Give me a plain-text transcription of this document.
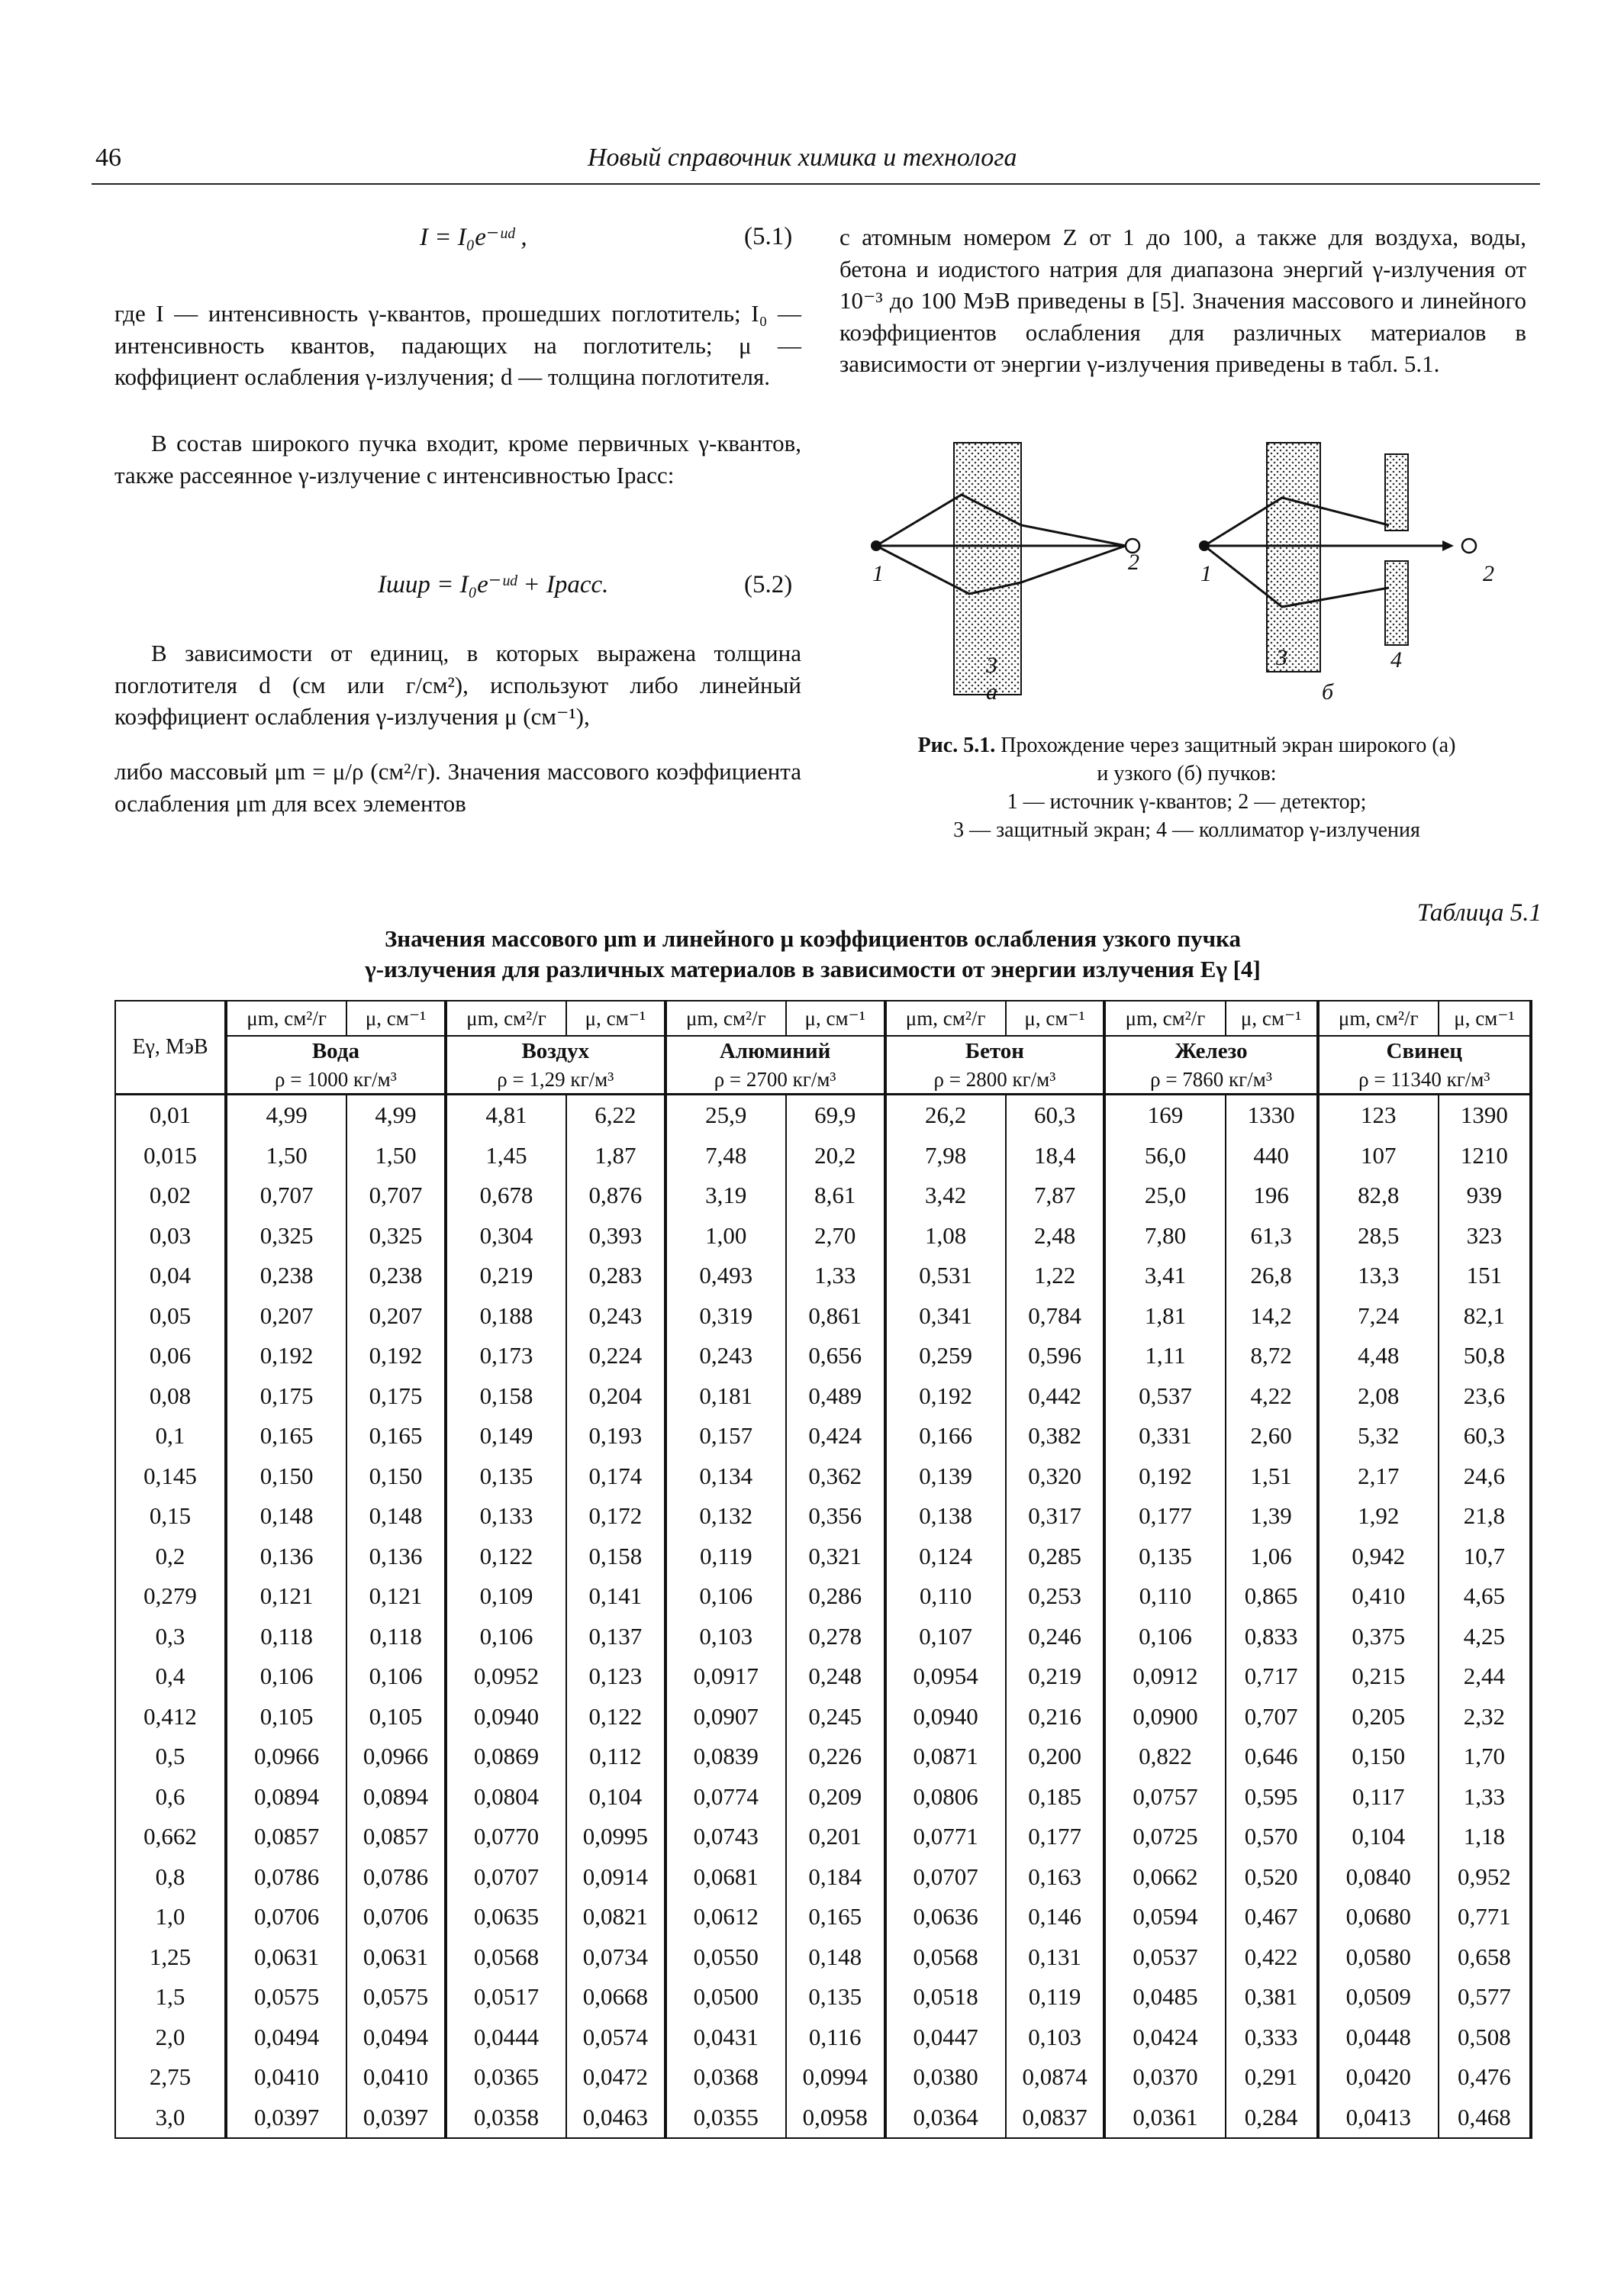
46	Новый справочник химика и технолога
I = I₀e⁻ᵘᵈ ,	(5.1)
где I — интенсивность γ-квантов, прошедших поглотитель; I₀ — интенсивность квантов, падающих на поглотитель; μ — коффициент ослабления γ-излучения; d — толщина поглотителя.
В состав широкого пучка входит, кроме первичных γ-квантов, также рассеянное γ-излучение с интенсивностью Iрасс:
Iшир = I₀e⁻ᵘᵈ + Iрасс.	(5.2)
В зависимости от единиц, в которых выражена толщина поглотителя d (см или г/см²), используют либо линейный коэффициент ослабления γ-излучения μ (см⁻¹),
либо массовый μm = μ/ρ (см²/г). Значения массового коэффициента ослабления μm для всех элементов
с атомным номером Z от 1 до 100, а также для воздуха, воды, бетона и иодистого натрия для диапазона энергий γ-излучения от 10⁻³ до 100 МэВ приведены в [5]. Значения массового и линейного коэффициентов ослабления для различных материалов в зависимости от энергии γ-излучения приведены в табл. 5.1.
1	2
3
а
1	2
3	4
б
Рис. 5.1. Прохождение через защитный экран широкого (а)
и узкого (б) пучков:
1 — источник γ-квантов; 2 — детектор;
3 — защитный экран; 4 — коллиматор γ-излучения
Таблица 5.1
Значения массового μm и линейного μ коэффициентов ослабления узкого пучка
γ-излучения для различных материалов в зависимости от энергии излучения Eγ [4]
Eγ, МэВ	μm, см²/г	μ, см⁻¹	μm, см²/г	μ, см⁻¹	μm, см²/г	μ, см⁻¹	μm, см²/г	μ, см⁻¹	μm, см²/г	μ, см⁻¹	μm, см²/г	μ, см⁻¹
	Вода		Воздух		Алюминий		Бетон		Железо		Свинец	
	ρ = 1000 кг/м³		ρ = 1,29 кг/м³		ρ = 2700 кг/м³		ρ = 2800 кг/м³		ρ = 7860 кг/м³		ρ = 11340 кг/м³	
0,01	4,99	4,99	4,81	6,22	25,9	69,9	26,2	60,3	169	1330	123	1390
0,015	1,50	1,50	1,45	1,87	7,48	20,2	7,98	18,4	56,0	440	107	1210
0,02	0,707	0,707	0,678	0,876	3,19	8,61	3,42	7,87	25,0	196	82,8	939
0,03	0,325	0,325	0,304	0,393	1,00	2,70	1,08	2,48	7,80	61,3	28,5	323
0,04	0,238	0,238	0,219	0,283	0,493	1,33	0,531	1,22	3,41	26,8	13,3	151
0,05	0,207	0,207	0,188	0,243	0,319	0,861	0,341	0,784	1,81	14,2	7,24	82,1
0,06	0,192	0,192	0,173	0,224	0,243	0,656	0,259	0,596	1,11	8,72	4,48	50,8
0,08	0,175	0,175	0,158	0,204	0,181	0,489	0,192	0,442	0,537	4,22	2,08	23,6
0,1	0,165	0,165	0,149	0,193	0,157	0,424	0,166	0,382	0,331	2,60	5,32	60,3
0,145	0,150	0,150	0,135	0,174	0,134	0,362	0,139	0,320	0,192	1,51	2,17	24,6
0,15	0,148	0,148	0,133	0,172	0,132	0,356	0,138	0,317	0,177	1,39	1,92	21,8
0,2	0,136	0,136	0,122	0,158	0,119	0,321	0,124	0,285	0,135	1,06	0,942	10,7
0,279	0,121	0,121	0,109	0,141	0,106	0,286	0,110	0,253	0,110	0,865	0,410	4,65
0,3	0,118	0,118	0,106	0,137	0,103	0,278	0,107	0,246	0,106	0,833	0,375	4,25
0,4	0,106	0,106	0,0952	0,123	0,0917	0,248	0,0954	0,219	0,0912	0,717	0,215	2,44
0,412	0,105	0,105	0,0940	0,122	0,0907	0,245	0,0940	0,216	0,0900	0,707	0,205	2,32
0,5	0,0966	0,0966	0,0869	0,112	0,0839	0,226	0,0871	0,200	0,822	0,646	0,150	1,70
0,6	0,0894	0,0894	0,0804	0,104	0,0774	0,209	0,0806	0,185	0,0757	0,595	0,117	1,33
0,662	0,0857	0,0857	0,0770	0,0995	0,0743	0,201	0,0771	0,177	0,0725	0,570	0,104	1,18
0,8	0,0786	0,0786	0,0707	0,0914	0,0681	0,184	0,0707	0,163	0,0662	0,520	0,0840	0,952
1,0	0,0706	0,0706	0,0635	0,0821	0,0612	0,165	0,0636	0,146	0,0594	0,467	0,0680	0,771
1,25	0,0631	0,0631	0,0568	0,0734	0,0550	0,148	0,0568	0,131	0,0537	0,422	0,0580	0,658
1,5	0,0575	0,0575	0,0517	0,0668	0,0500	0,135	0,0518	0,119	0,0485	0,381	0,0509	0,577
2,0	0,0494	0,0494	0,0444	0,0574	0,0431	0,116	0,0447	0,103	0,0424	0,333	0,0448	0,508
2,75	0,0410	0,0410	0,0365	0,0472	0,0368	0,0994	0,0380	0,0874	0,0370	0,291	0,0420	0,476
3,0	0,0397	0,0397	0,0358	0,0463	0,0355	0,0958	0,0364	0,0837	0,0361	0,284	0,0413	0,468
